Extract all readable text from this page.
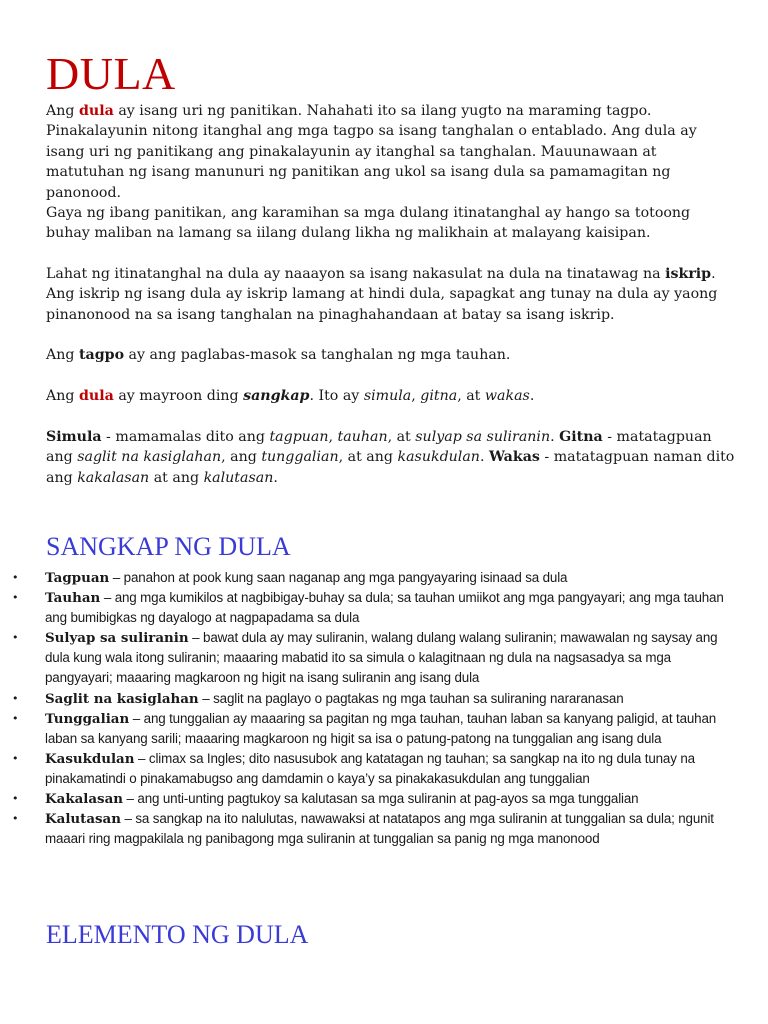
DULA

Ang dula ay isang uri ng panitikan. Nahahati ito sa ilang yugto na maraming tagpo. Pinakalayunin nitong itanghal ang mga tagpo sa isang tanghalan o entablado. Ang dula ay isang uri ng panitikang ang pinakalayunin ay itanghal sa tanghalan. Mauunawaan at matutuhan ng isang manunuri ng panitikan ang ukol sa isang dula sa pamamagitan ng panonood.

Gaya ng ibang panitikan, ang karamihan sa mga dulang itinatanghal ay hango sa totoong buhay maliban na lamang sa iilang dulang likha ng malikhain at malayang kaisipan.

Lahat ng itinatanghal na dula ay naaayon sa isang nakasulat na dula na tinatawag na iskrip. Ang iskrip ng isang dula ay iskrip lamang at hindi dula, sapagkat ang tunay na dula ay yaong pinanonood na sa isang tanghalan na pinaghahandaan at batay sa isang iskrip.

Ang tagpo ay ang paglabas-masok sa tanghalan ng mga tauhan.

Ang dula ay mayroon ding sangkap. Ito ay simula, gitna, at wakas.

Simula - mamamalas dito ang tagpuan, tauhan, at sulyap sa suliranin. Gitna - matatagpuan ang saglit na kasiglahan, ang tunggalian, at ang kasukdulan. Wakas - matatagpuan naman dito ang kakalasan at ang kalutasan.

SANGKAP NG DULA
• Tagpuan – panahon at pook kung saan naganap ang mga pangyayaring isinaad sa dula
• Tauhan – ang mga kumikilos at nagbibigay-buhay sa dula; sa tauhan umiikot ang mga pangyayari; ang mga tauhan ang bumibigkas ng dayalogo at nagpapadama sa dula
• Sulyap sa suliranin – bawat dula ay may suliranin, walang dulang walang suliranin; mawawalan ng saysay ang dula kung wala itong suliranin; maaaring mabatid ito sa simula o kalagitnaan ng dula na nagsasadya sa mga pangyayari; maaaring magkaroon ng higit na isang suliranin ang isang dula
• Saglit na kasiglahan – saglit na paglayo o pagtakas ng mga tauhan sa suliraning nararanasan
• Tunggalian – ang tunggalian ay maaaring sa pagitan ng mga tauhan, tauhan laban sa kanyang paligid, at tauhan laban sa kanyang sarili; maaaring magkaroon ng higit sa isa o patung-patong na tunggalian ang isang dula
• Kasukdulan – climax sa Ingles; dito nasusubok ang katatagan ng tauhan; sa sangkap na ito ng dula tunay na pinakamatindi o pinakamabugso ang damdamin o kaya’y sa pinakakasukdulan ang tunggalian
• Kakalasan – ang unti-unting pagtukoy sa kalutasan sa mga suliranin at pag-ayos sa mga tunggalian
• Kalutasan – sa sangkap na ito nalulutas, nawawaksi at natatapos ang mga suliranin at tunggalian sa dula; ngunit maaari ring magpakilala ng panibagong mga suliranin at tunggalian sa panig ng mga manonood
ELEMENTO NG DULA
